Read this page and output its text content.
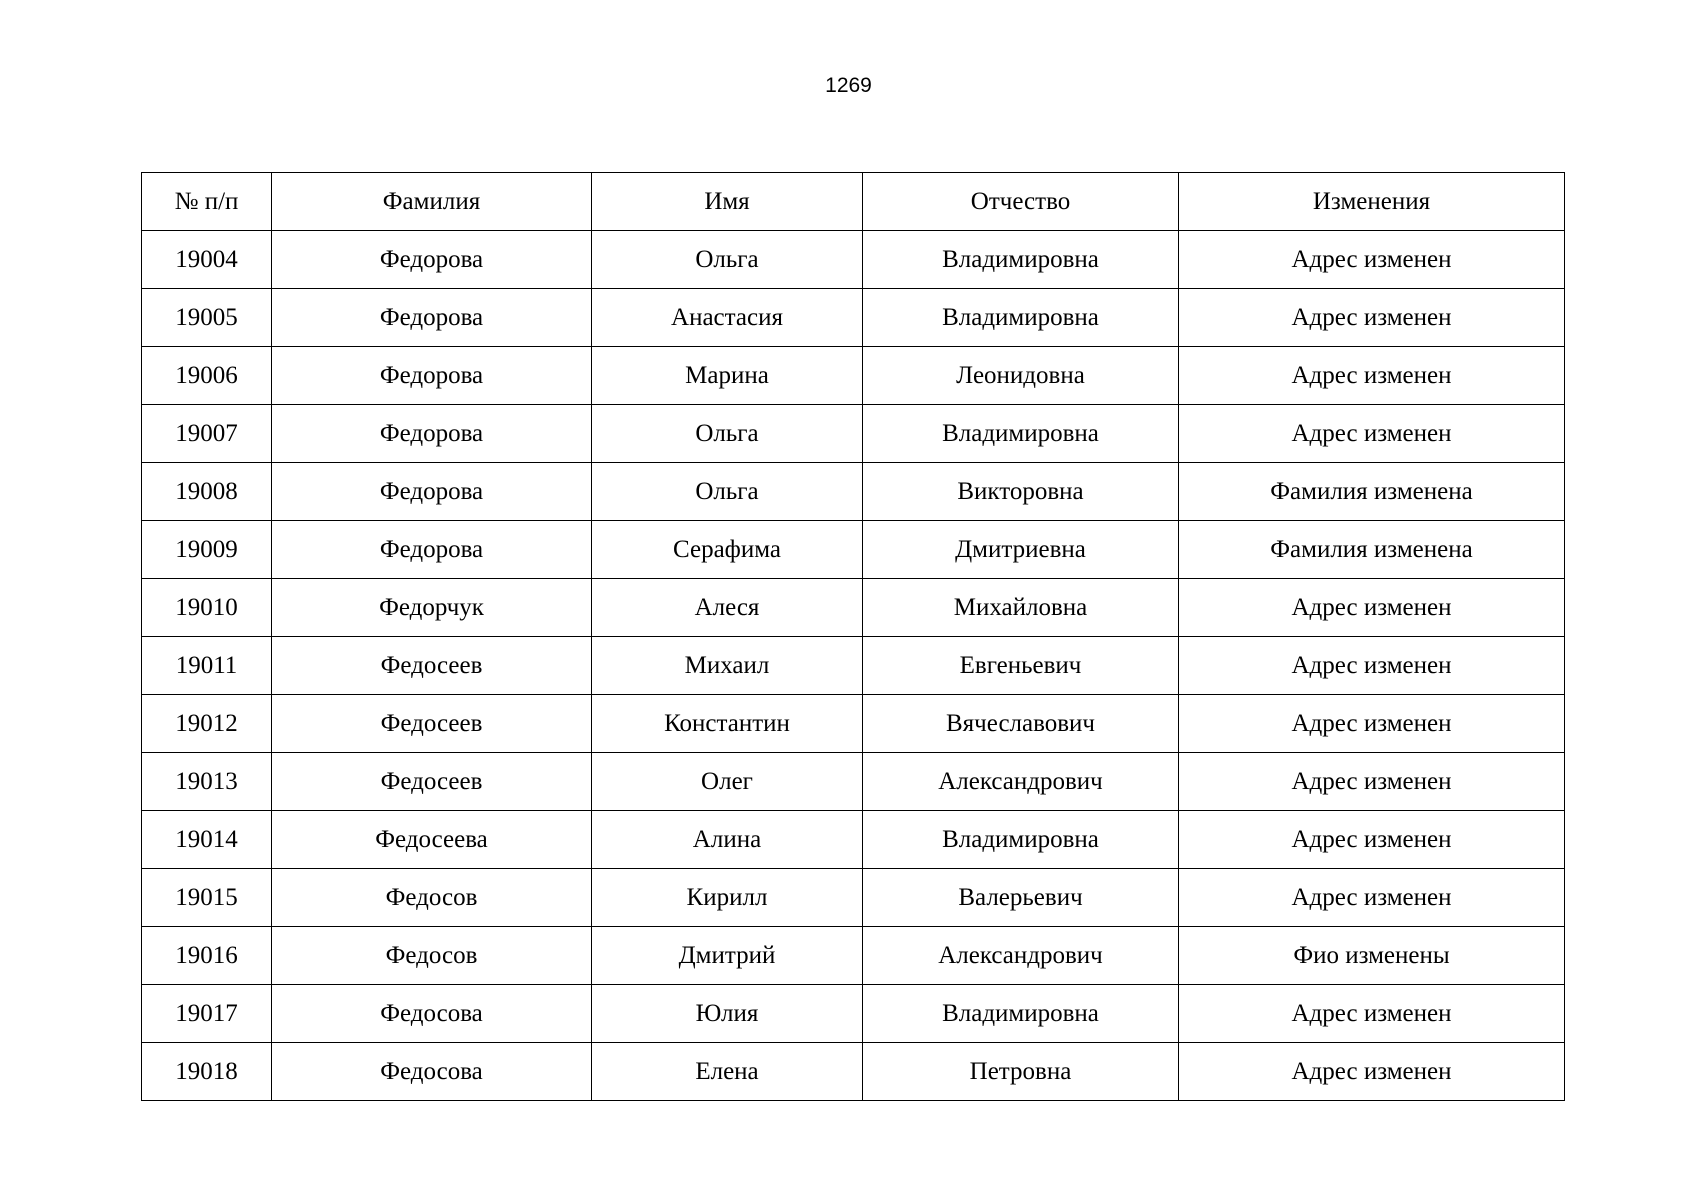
1269
№ п/п	Фамилия	Имя	Отчество	Изменения
19004	Федорова	Ольга	Владимировна	Адрес изменен
19005	Федорова	Анастасия	Владимировна	Адрес изменен
19006	Федорова	Марина	Леонидовна	Адрес изменен
19007	Федорова	Ольга	Владимировна	Адрес изменен
19008	Федорова	Ольга	Викторовна	Фамилия изменена
19009	Федорова	Серафима	Дмитриевна	Фамилия изменена
19010	Федорчук	Алеся	Михайловна	Адрес изменен
19011	Федосеев	Михаил	Евгеньевич	Адрес изменен
19012	Федосеев	Константин	Вячеславович	Адрес изменен
19013	Федосеев	Олег	Александрович	Адрес изменен
19014	Федосеева	Алина	Владимировна	Адрес изменен
19015	Федосов	Кирилл	Валерьевич	Адрес изменен
19016	Федосов	Дмитрий	Александрович	Фио изменены
19017	Федосова	Юлия	Владимировна	Адрес изменен
19018	Федосова	Елена	Петровна	Адрес изменен
